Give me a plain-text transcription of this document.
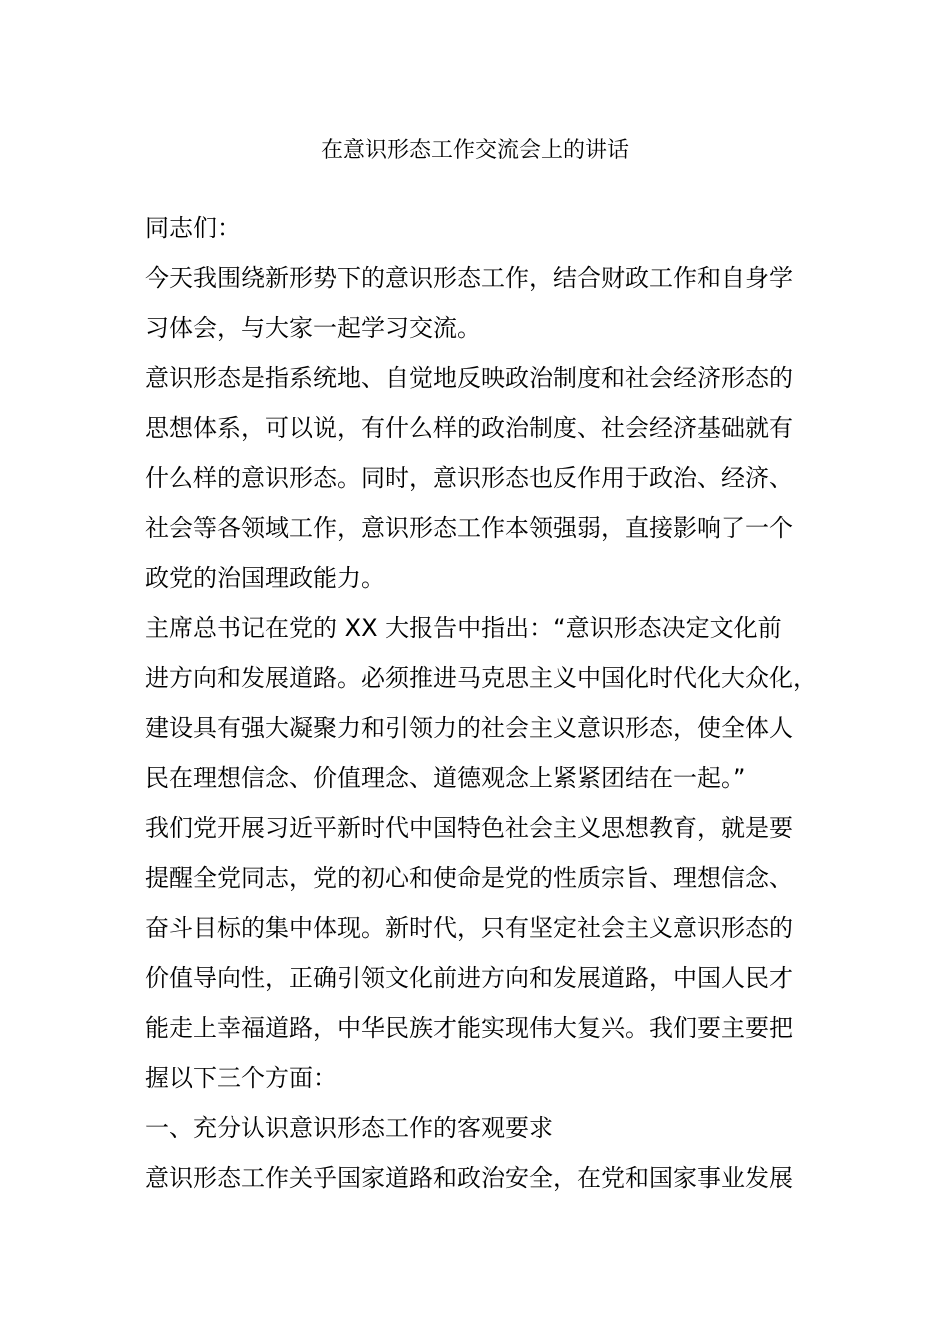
在意识形态工作交流会上的讲话
同志们：
今天我围绕新形势下的意识形态工作，结合财政工作和自身学
习体会，与大家一起学习交流。
意识形态是指系统地、自觉地反映政治制度和社会经济形态的
思想体系，可以说，有什么样的政治制度、社会经济基础就有
什么样的意识形态。同时，意识形态也反作用于政治、经济、
社会等各领域工作，意识形态工作本领强弱，直接影响了一个
政党的治国理政能力。
主席总书记在党的 XX 大报告中指出：“意识形态决定文化前
进方向和发展道路。必须推进马克思主义中国化时代化大众化，
建设具有强大凝聚力和引领力的社会主义意识形态，使全体人
民在理想信念、价值理念、道德观念上紧紧团结在一起。”
我们党开展习近平新时代中国特色社会主义思想教育，就是要
提醒全党同志，党的初心和使命是党的性质宗旨、理想信念、
奋斗目标的集中体现。新时代，只有坚定社会主义意识形态的
价值导向性，正确引领文化前进方向和发展道路，中国人民才
能走上幸福道路，中华民族才能实现伟大复兴。我们要主要把
握以下三个方面：
一、充分认识意识形态工作的客观要求
意识形态工作关乎国家道路和政治安全，在党和国家事业发展
